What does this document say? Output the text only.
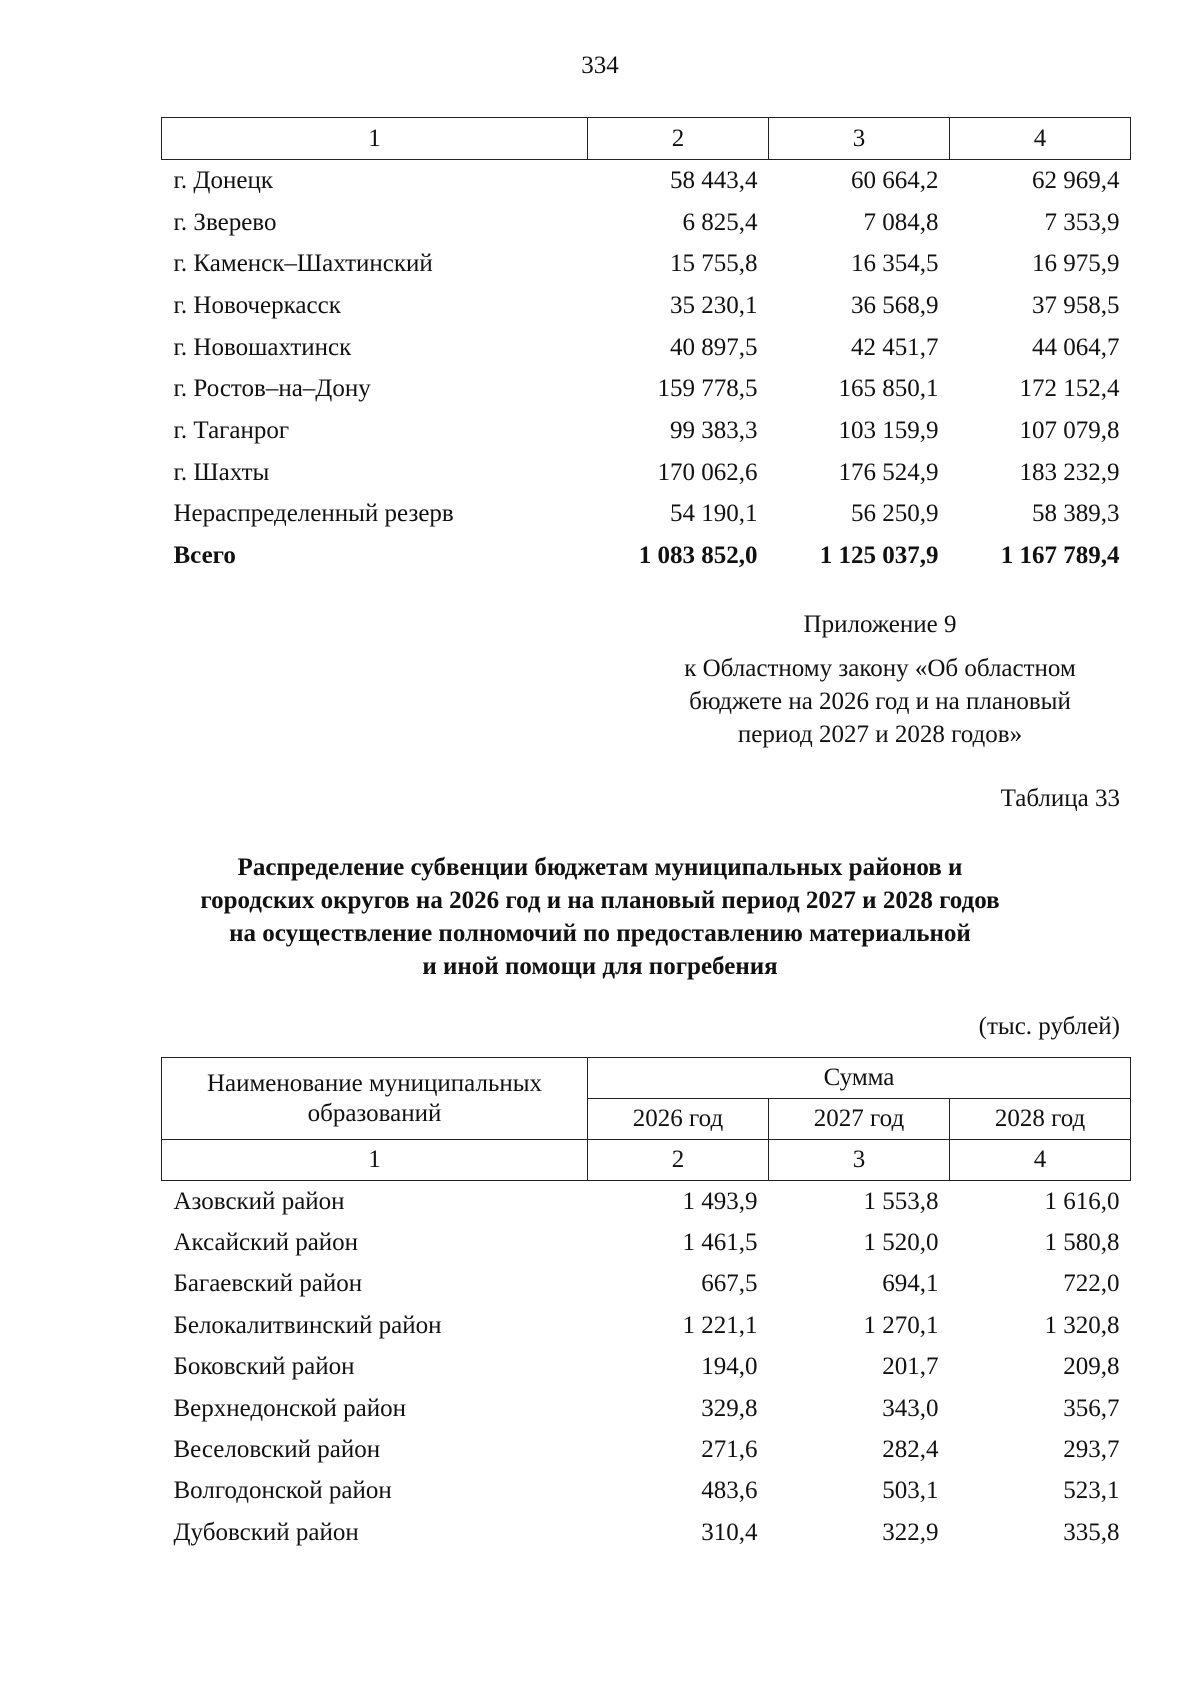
334
1	2	3	4
г. Донецк	58 443,4	60 664,2	62 969,4
г. Зверево	6 825,4	7 084,8	7 353,9
г. Каменск–Шахтинский	15 755,8	16 354,5	16 975,9
г. Новочеркасск	35 230,1	36 568,9	37 958,5
г. Новошахтинск	40 897,5	42 451,7	44 064,7
г. Ростов–на–Дону	159 778,5	165 850,1	172 152,4
г. Таганрог	99 383,3	103 159,9	107 079,8
г. Шахты	170 062,6	176 524,9	183 232,9
Нераспределенный резерв	54 190,1	56 250,9	58 389,3
Всего	1 083 852,0	1 125 037,9	1 167 789,4
Приложение 9
к Областному закону «Об областном
бюджете на 2026 год и на плановый
период 2027 и 2028 годов»
Таблица 33
Распределение субвенции бюджетам муниципальных районов и
городских округов на 2026 год и на плановый период 2027 и 2028 годов
на осуществление полномочий по предоставлению материальной
и иной помощи для погребения
(тыс. рублей)
Наименование муниципальных
образований	Сумма		
	2026 год	2027 год	2028 год
1	2	3	4
Азовский район	1 493,9	1 553,8	1 616,0
Аксайский район	1 461,5	1 520,0	1 580,8
Багаевский район	667,5	694,1	722,0
Белокалитвинский район	1 221,1	1 270,1	1 320,8
Боковский район	194,0	201,7	209,8
Верхнедонской район	329,8	343,0	356,7
Веселовский район	271,6	282,4	293,7
Волгодонской район	483,6	503,1	523,1
Дубовский район	310,4	322,9	335,8
